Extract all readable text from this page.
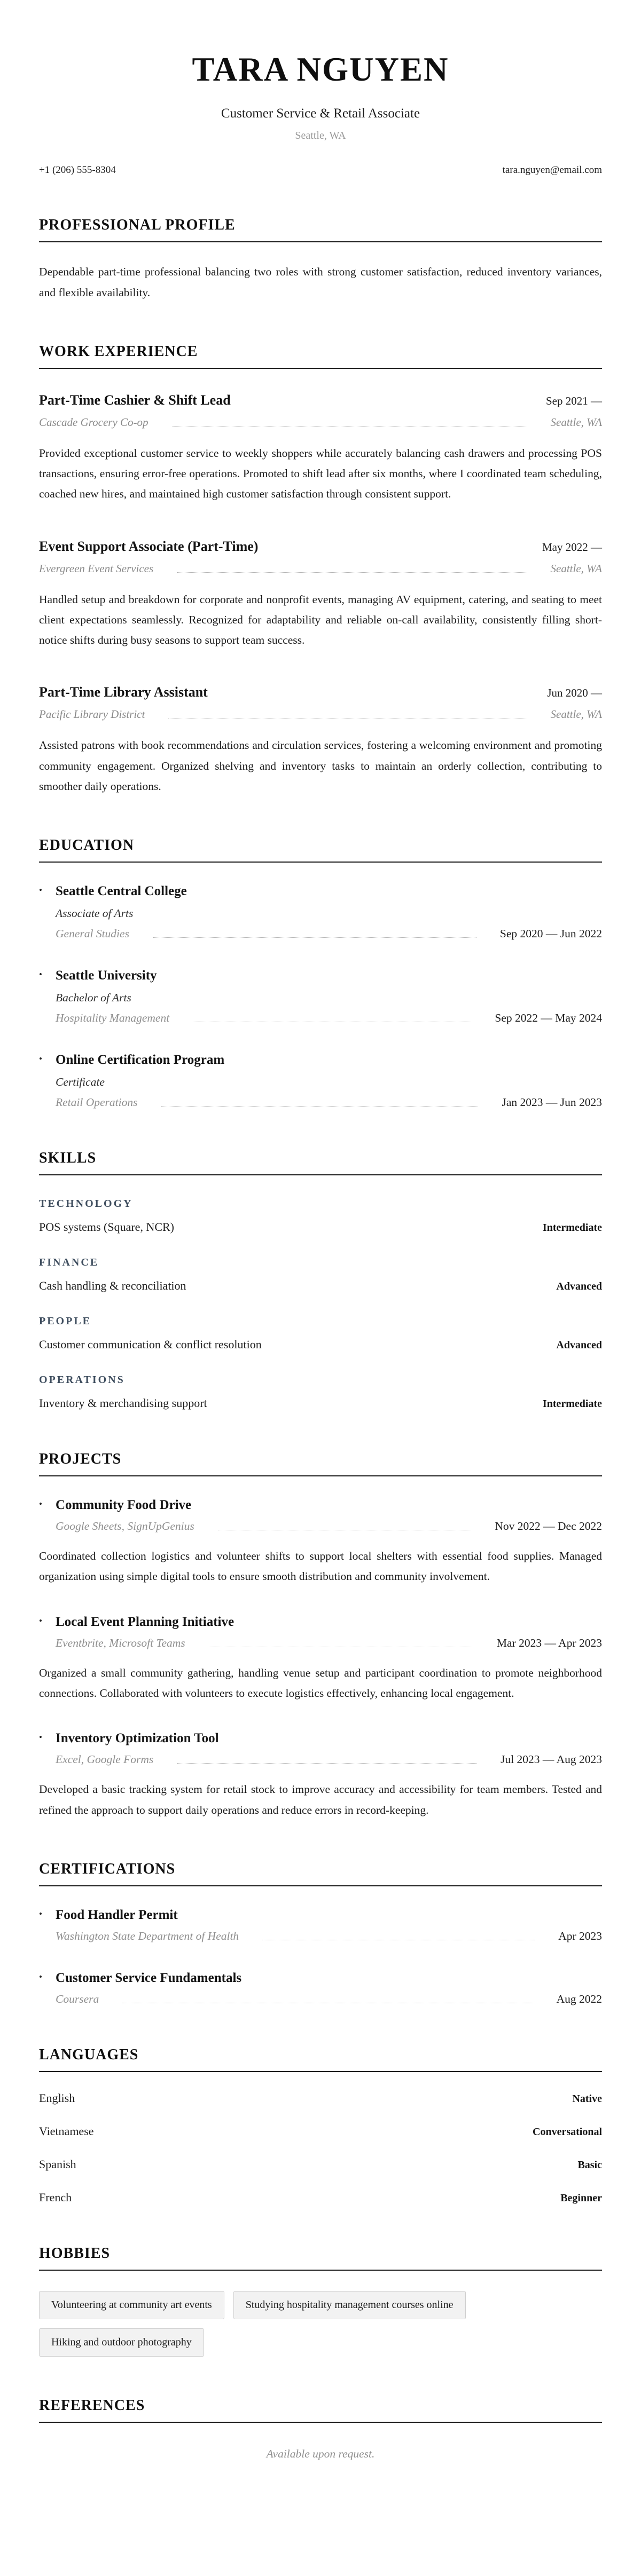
TARA NGUYEN
Customer Service & Retail Associate
Seattle, WA
+1 (206) 555-8304	tara.nguyen@email.com
PROFESSIONAL PROFILE

Dependable part-time professional balancing two roles with strong customer satisfaction, reduced inventory variances, and flexible availability.

WORK EXPERIENCE
Part-Time Cashier & Shift Lead	Sep 2021 —
Cascade Grocery Co-op	Seattle, WA

Provided exceptional customer service to weekly shoppers while accurately balancing cash drawers and processing POS transactions, ensuring error-free operations. Promoted to shift lead after six months, where I coordinated team scheduling, coached new hires, and maintained high customer satisfaction through consistent support.

Event Support Associate (Part-Time)	May 2022 —
Evergreen Event Services	Seattle, WA

Handled setup and breakdown for corporate and nonprofit events, managing AV equipment, catering, and seating to meet client expectations seamlessly. Recognized for adaptability and reliable on-call availability, consistently filling short-notice shifts during busy seasons to support team success.

Part-Time Library Assistant	Jun 2020 —
Pacific Library District	Seattle, WA

Assisted patrons with book recommendations and circulation services, fostering a welcoming environment and promoting community engagement. Organized shelving and inventory tasks to maintain an orderly collection, contributing to smoother daily operations.

EDUCATION
•
Seattle Central College
Associate of Arts
General Studies	Sep 2020 — Jun 2022
•
Seattle University
Bachelor of Arts
Hospitality Management	Sep 2022 — May 2024
•
Online Certification Program
Certificate
Retail Operations	Jan 2023 — Jun 2023
SKILLS
TECHNOLOGY
POS systems (Square, NCR)	Intermediate
FINANCE
Cash handling & reconciliation	Advanced
PEOPLE
Customer communication & conflict resolution	Advanced
OPERATIONS
Inventory & merchandising support	Intermediate
PROJECTS
•
Community Food Drive
Google Sheets, SignUpGenius	Nov 2022 — Dec 2022

Coordinated collection logistics and volunteer shifts to support local shelters with essential food supplies. Managed organization using simple digital tools to ensure smooth distribution and community involvement.

•
Local Event Planning Initiative
Eventbrite, Microsoft Teams	Mar 2023 — Apr 2023

Organized a small community gathering, handling venue setup and participant coordination to promote neighborhood connections. Collaborated with volunteers to execute logistics effectively, enhancing local engagement.

•
Inventory Optimization Tool
Excel, Google Forms	Jul 2023 — Aug 2023

Developed a basic tracking system for retail stock to improve accuracy and accessibility for team members. Tested and refined the approach to support daily operations and reduce errors in record-keeping.

CERTIFICATIONS
•
Food Handler Permit
Washington State Department of Health	Apr 2023
•
Customer Service Fundamentals
Coursera	Aug 2022
LANGUAGES
English	Native
Vietnamese	Conversational
Spanish	Basic
French	Beginner
HOBBIES
Volunteering at community art events	Studying hospitality management courses online
Hiking and outdoor photography
REFERENCES

Available upon request.
